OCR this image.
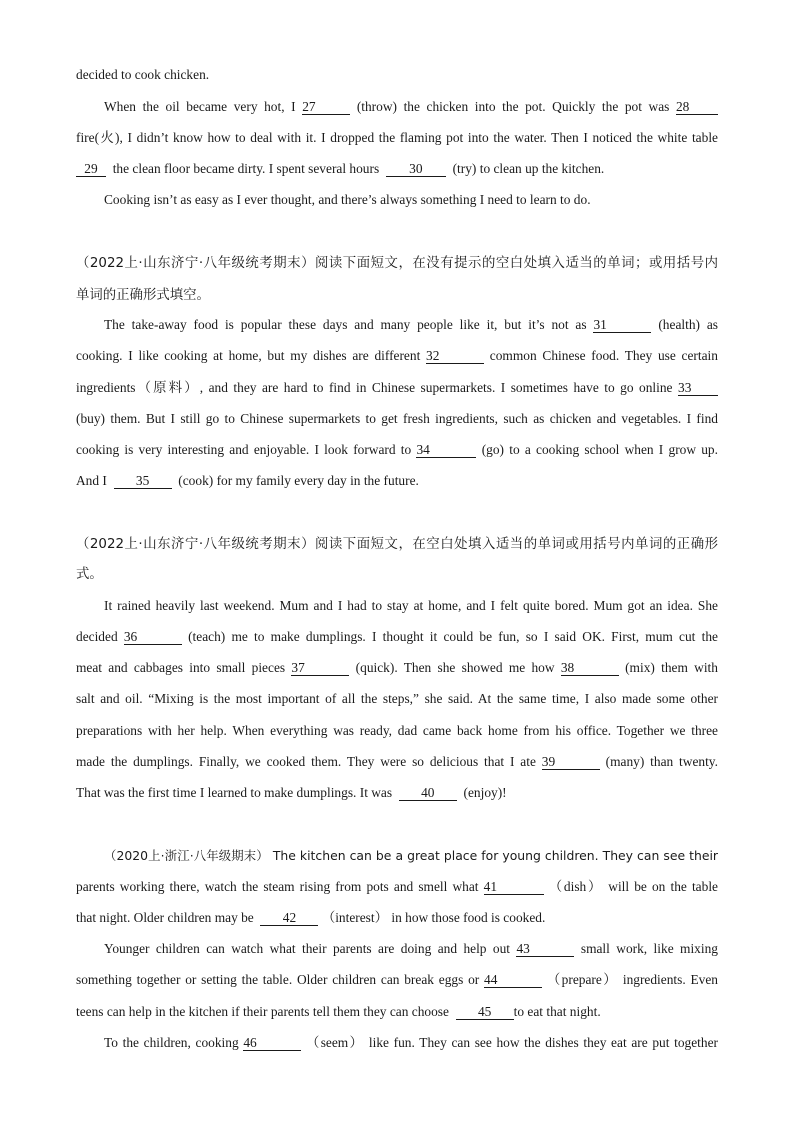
decided to cook chicken.
When the oil became very hot, I 27	(throw) the chicken into the pot. Quickly the pot was 28
fire(火), I didn’t know how to deal with it. I dropped the flaming pot into the water. Then I noticed the white table
29 the clean floor became dirty. I spent several hours 30 (try) to clean up the kitchen.
Cooking isn’t as easy as I ever thought, and there’s always something I need to learn to do.
（2022上·山东济宁·八年级统考期末）阅读下面短文，在没有提示的空白处填入适当的单词；或用括号内
单词的正确形式填空。
The take-away food is popular these days and many people like it, but it’s not as 31	(health) as
cooking. I like cooking at home, but my dishes are different 32	common Chinese food. They use certain
ingredients（原料）, and they are hard to find in Chinese supermarkets. I sometimes have to go online 33
(buy) them. But I still go to Chinese supermarkets to get fresh ingredients, such as chicken and vegetables. I find
cooking is very interesting and enjoyable. I look forward to 34	(go) to a cooking school when I grow up.
And I 35 (cook) for my family every day in the future.
（2022上·山东济宁·八年级统考期末）阅读下面短文，在空白处填入适当的单词或用括号内单词的正确形
式。
It rained heavily last weekend. Mum and I had to stay at home, and I felt quite bored. Mum got an idea. She
decided 36	(teach) me to make dumplings. I thought it could be fun, so I said OK. First, mum cut the
meat and cabbages into small pieces 37	(quick). Then she showed me how 38	(mix) them with
salt and oil. “Mixing is the most important of all the steps,” she said. At the same time, I also made some other
preparations with her help. When everything was ready, dad came back home from his office. Together we three
made the dumplings. Finally, we cooked them. They were so delicious that I ate 39	(many) than twenty.
That was the first time I learned to make dumplings. It was 40 (enjoy)!
（2020上·浙江·八年级期末） The kitchen can be a great place for young children. They can see their
parents working there, watch the steam rising from pots and smell what 41	（dish） will be on the table
that night. Older children may be 42 （interest） in how those food is cooked.
Younger children can watch what their parents are doing and help out 43	small work, like mixing
something together or setting the table. Older children can break eggs or 44	（prepare） ingredients. Even
teens can help in the kitchen if their parents tell them they can choose 45 to eat that night.
To the children, cooking 46	（seem） like fun. They can see how the dishes they eat are put together
